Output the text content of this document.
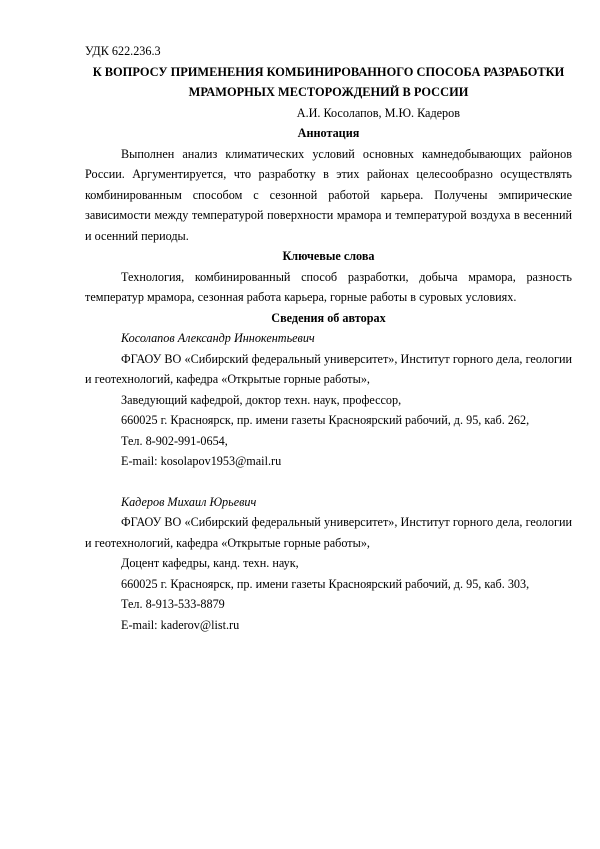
УДК 622.236.3

К ВОПРОСУ ПРИМЕНЕНИЯ КОМБИНИРОВАННОГО СПОСОБА РАЗРАБОТКИ

МРАМОРНЫХ МЕСТОРОЖДЕНИЙ В РОССИИ

А.И. Косолапов, М.Ю. Кадеров

Аннотация

Выполнен анализ климатических условий основных камнедобывающих районов России. Аргументируется, что разработку в этих районах целесообразно осуществлять комбинированным способом с сезонной работой карьера. Получены эмпирические зависимости между температурой поверхности мрамора и температурой воздуха в весенний и осенний периоды.

Ключевые слова

Технология, комбинированный способ разработки, добыча мрамора, разность температур мрамора, сезонная работа карьера, горные работы в суровых условиях.

Сведения об авторах

Косолапов Александр Иннокентьевич

ФГАОУ ВО «Сибирский федеральный университет», Институт горного дела, геологии и геотехнологий, кафедра «Открытые горные работы»,

Заведующий кафедрой, доктор техн. наук, профессор,

660025 г. Красноярск, пр. имени газеты Красноярский рабочий, д. 95, каб. 262,

Тел. 8-902-991-0654,

E-mail: kosolapov1953@mail.ru

Кадеров Михаил Юрьевич

ФГАОУ ВО «Сибирский федеральный университет», Институт горного дела, геологии и геотехнологий, кафедра «Открытые горные работы»,

Доцент кафедры, канд. техн. наук,

660025 г. Красноярск, пр. имени газеты Красноярский рабочий, д. 95, каб. 303,

Тел. 8-913-533-8879

E-mail: kaderov@list.ru
